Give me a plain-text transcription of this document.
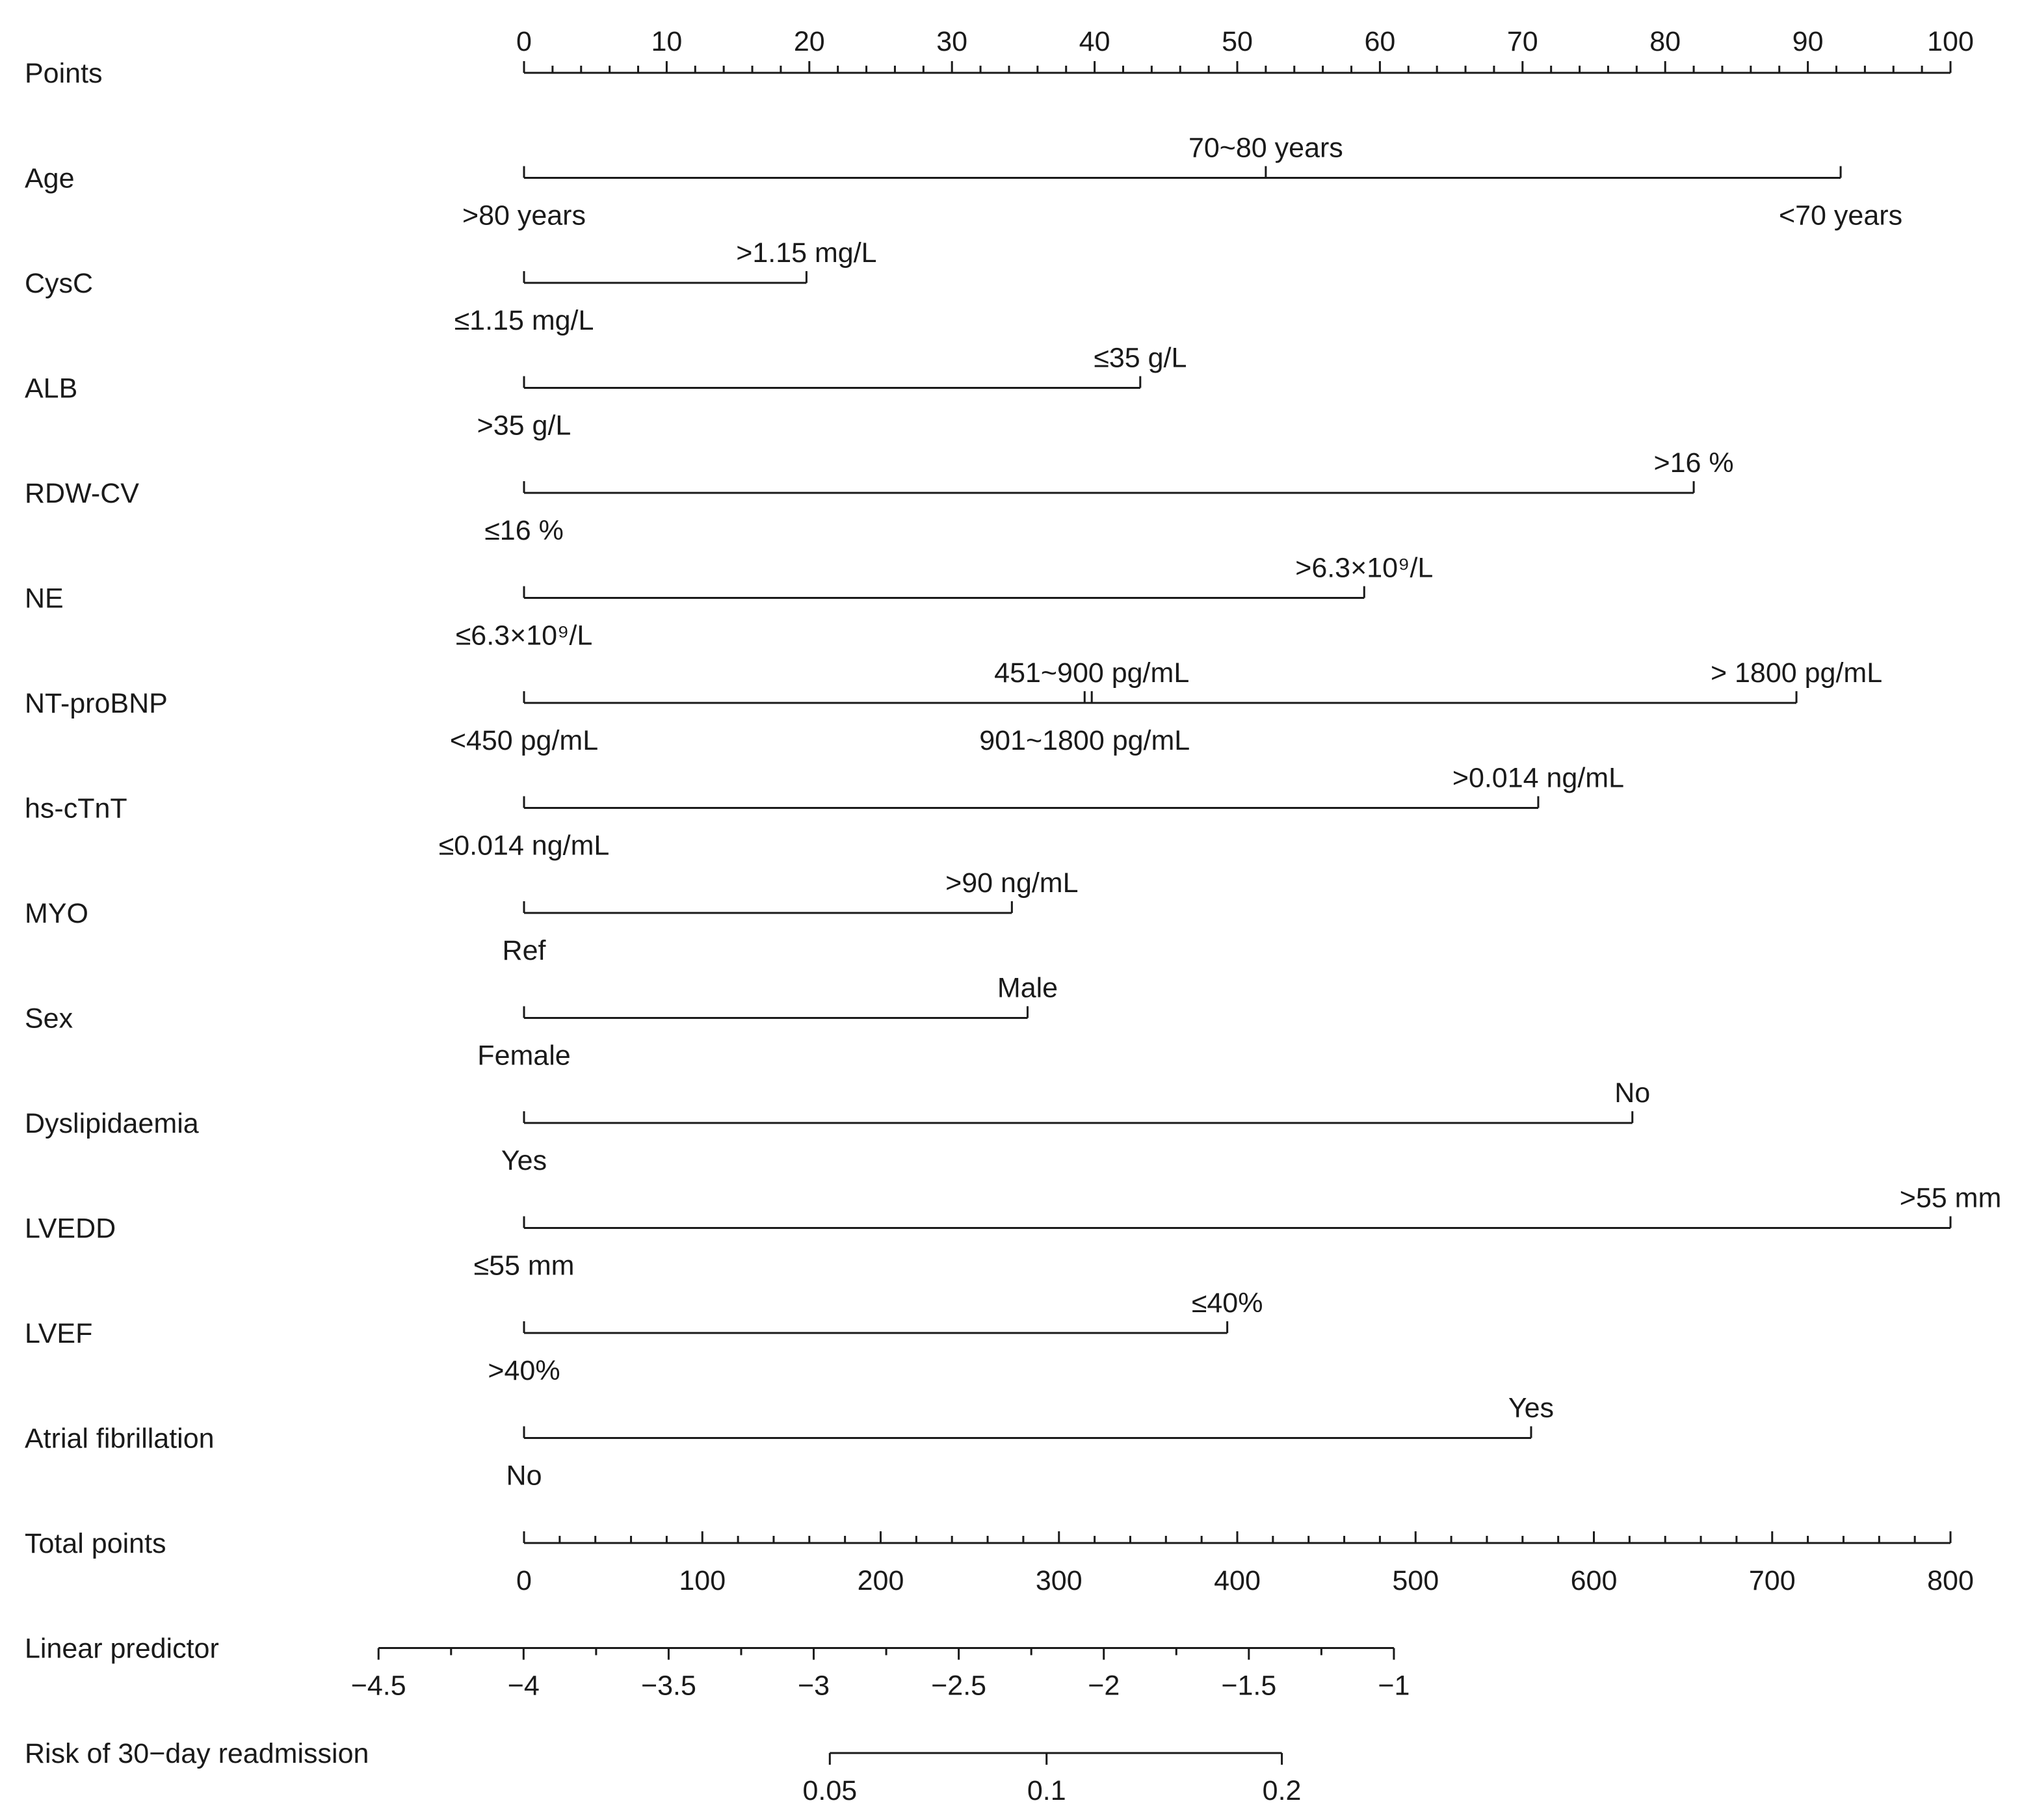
Points
0	10	20	30	40	50	60	70	80	90	100
Age
>80 years
70~80 years
<70 years
CysC
≤1.15 mg/L
>1.15 mg/L
ALB
>35 g/L
≤35 g/L
RDW-CV
≤16 %
>16 %
NE
≤6.3×10⁹/L
>6.3×10⁹/L
NT-proBNP
<450 pg/mL
451~900 pg/mL
901~1800 pg/mL
> 1800 pg/mL
hs-cTnT
≤0.014 ng/mL
>0.014 ng/mL
MYO
Ref
>90 ng/mL
Sex
Female
Male
Dyslipidaemia
Yes
No
LVEDD
≤55 mm
>55 mm
LVEF
>40%
≤40%
Atrial fibrillation
No
Yes
Total points
0	100	200	300	400	500	600	700	800
Linear predictor
−4.5	−4	−3.5	−3	−2.5	−2	−1.5	−1
Risk of 30−day readmission
0.05	0.1	0.2
